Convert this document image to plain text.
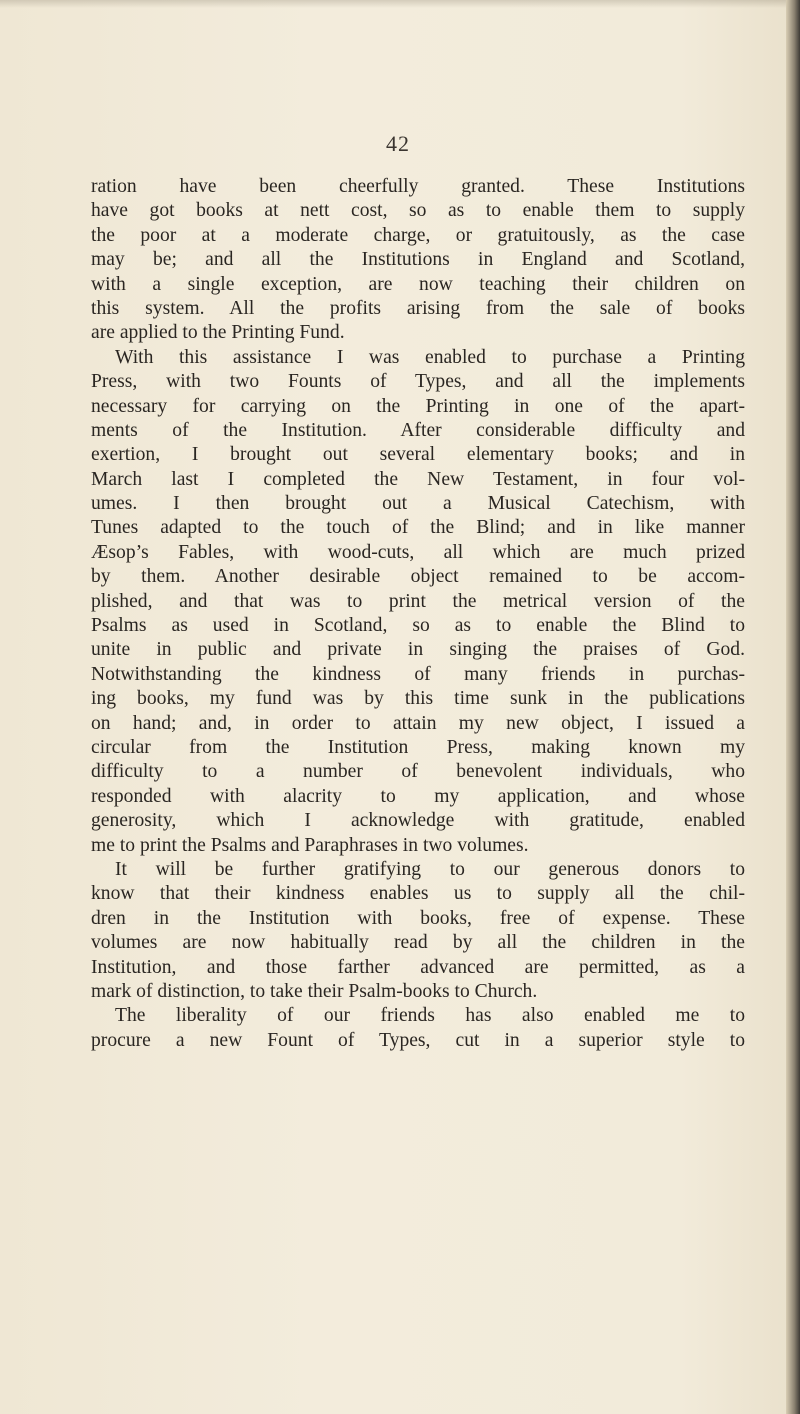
42
ration have been cheerfully granted. These Institutions
have got books at nett cost, so as to enable them to supply
the poor at a moderate charge, or gratuitously, as the case
may be; and all the Institutions in England and Scotland,
with a single exception, are now teaching their children on
this system. All the profits arising from the sale of books
are applied to the Printing Fund.
With this assistance I was enabled to purchase a Printing
Press, with two Founts of Types, and all the implements
necessary for carrying on the Printing in one of the apart-
ments of the Institution. After considerable difficulty and
exertion, I brought out several elementary books; and in
March last I completed the New Testament, in four vol-
umes. I then brought out a Musical Catechism, with
Tunes adapted to the touch of the Blind; and in like manner
Æsop’s Fables, with wood-cuts, all which are much prized
by them. Another desirable object remained to be accom-
plished, and that was to print the metrical version of the
Psalms as used in Scotland, so as to enable the Blind to
unite in public and private in singing the praises of God.
Notwithstanding the kindness of many friends in purchas-
ing books, my fund was by this time sunk in the publications
on hand; and, in order to attain my new object, I issued a
circular from the Institution Press, making known my
difficulty to a number of benevolent individuals, who
responded with alacrity to my application, and whose
generosity, which I acknowledge with gratitude, enabled
me to print the Psalms and Paraphrases in two volumes.
It will be further gratifying to our generous donors to
know that their kindness enables us to supply all the chil-
dren in the Institution with books, free of expense. These
volumes are now habitually read by all the children in the
Institution, and those farther advanced are permitted, as a
mark of distinction, to take their Psalm-books to Church.
The liberality of our friends has also enabled me to
procure a new Fount of Types, cut in a superior style to
